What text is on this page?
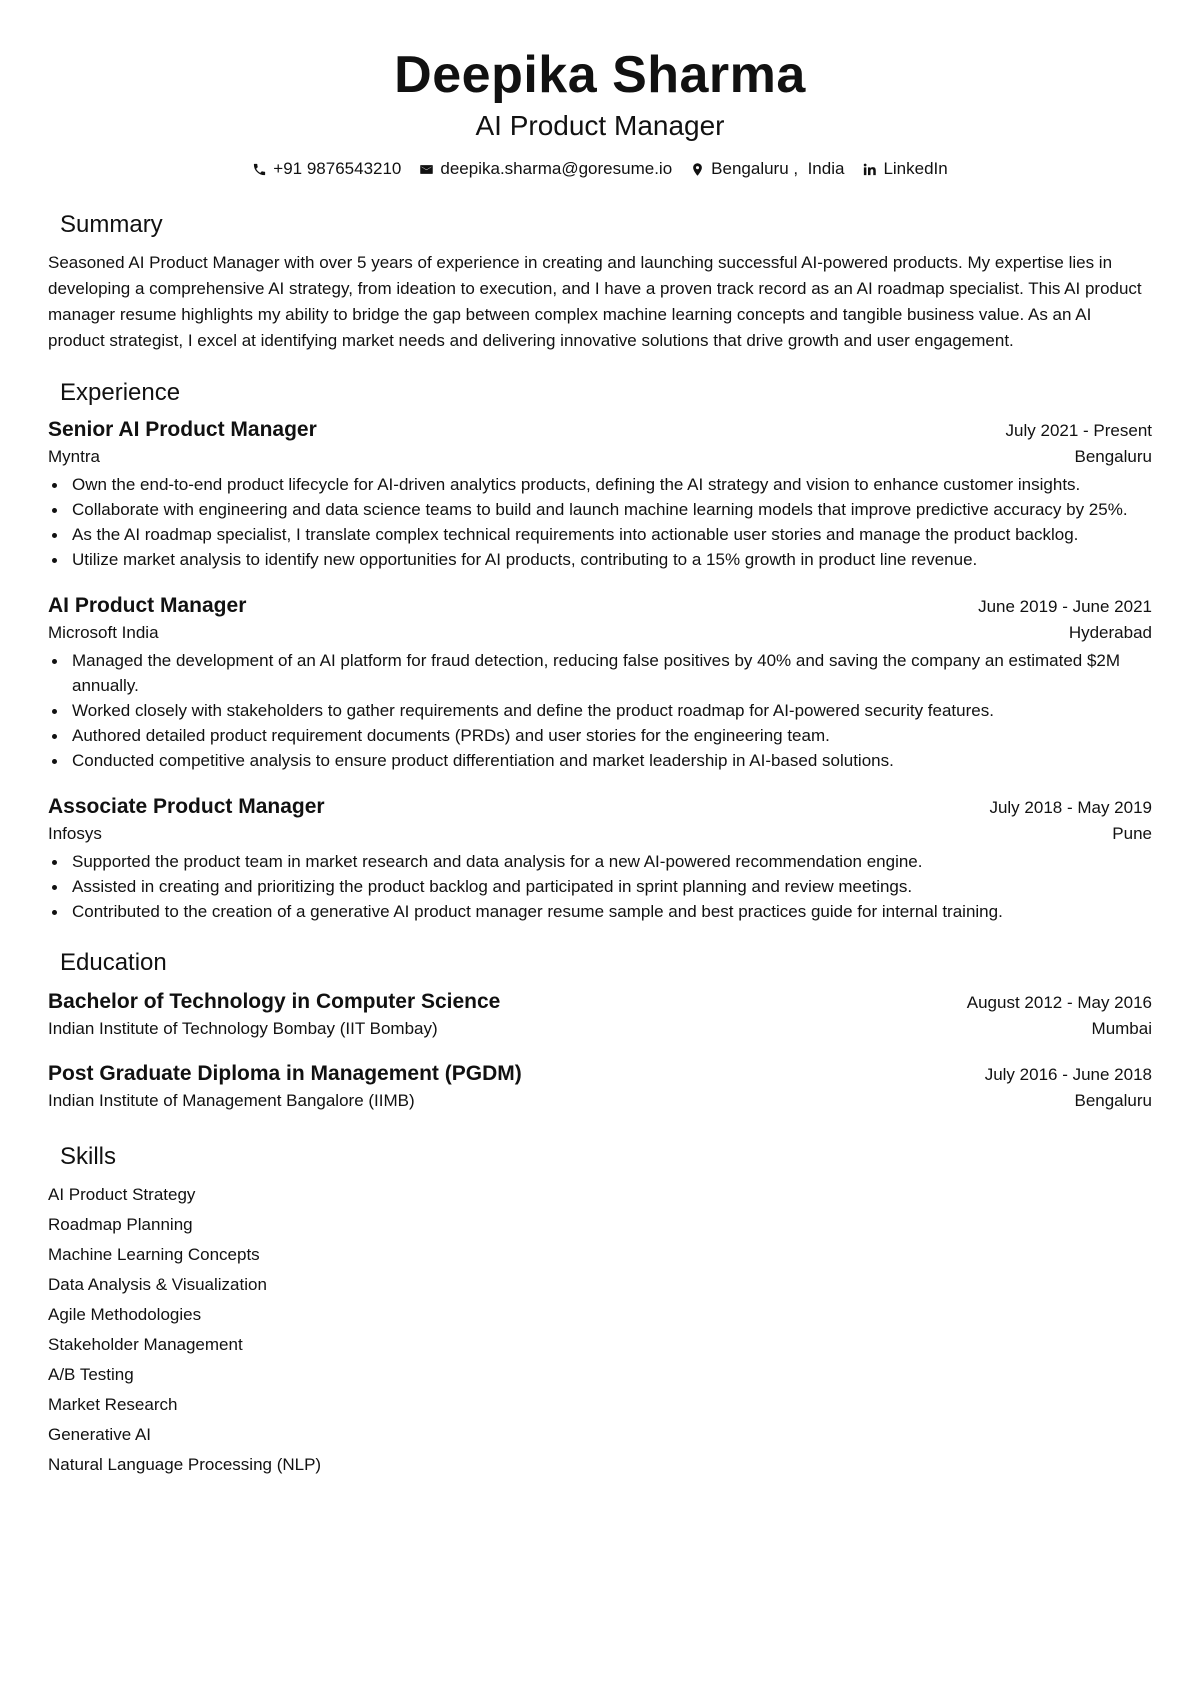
Deepika Sharma
AI Product Manager
+91 9876543210 deepika.sharma@goresume.io Bengaluru ,  India LinkedIn
Summary

Seasoned AI Product Manager with over 5 years of experience in creating and launching successful AI-powered products. My expertise lies in developing a comprehensive AI strategy, from ideation to execution, and I have a proven track record as an AI roadmap specialist. This AI product manager resume highlights my ability to bridge the gap between complex machine learning concepts and tangible business value. As an AI product strategist, I excel at identifying market needs and delivering innovative solutions that drive growth and user engagement.

Experience
Senior AI Product Manager	July 2021 - Present
Myntra	Bengaluru
Own the end-to-end product lifecycle for AI-driven analytics products, defining the AI strategy and vision to enhance customer insights.
Collaborate with engineering and data science teams to build and launch machine learning models that improve predictive accuracy by 25%.
As the AI roadmap specialist, I translate complex technical requirements into actionable user stories and manage the product backlog.
Utilize market analysis to identify new opportunities for AI products, contributing to a 15% growth in product line revenue.
AI Product Manager	June 2019 - June 2021
Microsoft India	Hyderabad
Managed the development of an AI platform for fraud detection, reducing false positives by 40% and saving the company an estimated $2M annually.
Worked closely with stakeholders to gather requirements and define the product roadmap for AI-powered security features.
Authored detailed product requirement documents (PRDs) and user stories for the engineering team.
Conducted competitive analysis to ensure product differentiation and market leadership in AI-based solutions.
Associate Product Manager	July 2018 - May 2019
Infosys	Pune
Supported the product team in market research and data analysis for a new AI-powered recommendation engine.
Assisted in creating and prioritizing the product backlog and participated in sprint planning and review meetings.
Contributed to the creation of a generative AI product manager resume sample and best practices guide for internal training.
Education
Bachelor of Technology in Computer Science	August 2012 - May 2016
Indian Institute of Technology Bombay (IIT Bombay)	Mumbai
Post Graduate Diploma in Management (PGDM)	July 2016 - June 2018
Indian Institute of Management Bangalore (IIMB)	Bengaluru
Skills
AI Product Strategy
Roadmap Planning
Machine Learning Concepts
Data Analysis & Visualization
Agile Methodologies
Stakeholder Management
A/B Testing
Market Research
Generative AI
Natural Language Processing (NLP)
